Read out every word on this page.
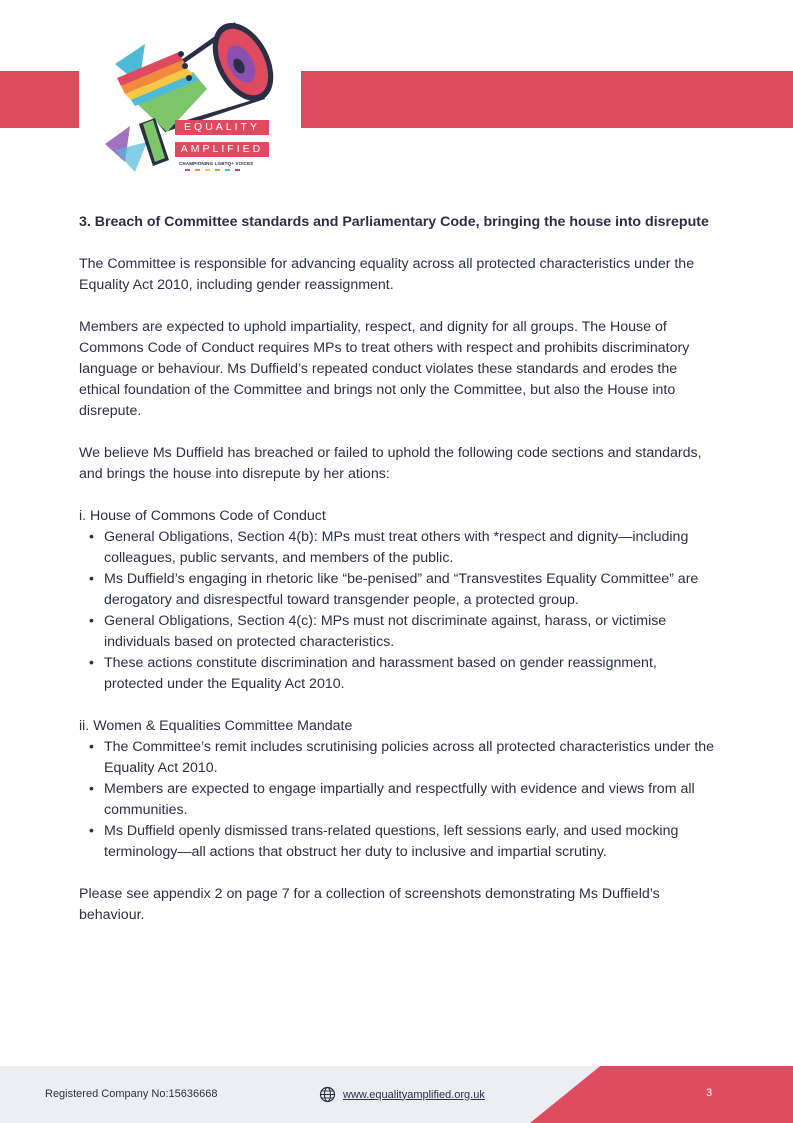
EQUALITY
AMPLIFIED
CHAMPIONING LGBTQ+ VOICES
3. Breach of Committee standards and Parliamentary Code, bringing the house into disrepute

The Committee is responsible for advancing equality across all protected characteristics under the Equality Act 2010, including gender reassignment.

Members are expected to uphold impartiality, respect, and dignity for all groups. The House of Commons Code of Conduct requires MPs to treat others with respect and prohibits discriminatory language or behaviour. Ms Duffield’s repeated conduct violates these standards and erodes the ethical foundation of the Committee and brings not only the Committee, but also the House into disrepute.

We believe Ms Duffield has breached or failed to uphold the following code sections and standards, and brings the house into disrepute by her ations:

i. House of Commons Code of Conduct

• General Obligations, Section 4(b): MPs must treat others with *respect and dignity—including colleagues, public servants, and members of the public.
• Ms Duffield’s engaging in rhetoric like “be-penised” and “Transvestites Equality Committee” are derogatory and disrespectful toward transgender people, a protected group.
• General Obligations, Section 4(c): MPs must not discriminate against, harass, or victimise individuals based on protected characteristics.
• These actions constitute discrimination and harassment based on gender reassignment, protected under the Equality Act 2010.

ii. Women & Equalities Committee Mandate

• The Committee’s remit includes scrutinising policies across all protected characteristics under the Equality Act 2010.
• Members are expected to engage impartially and respectfully with evidence and views from all communities.
• Ms Duffield openly dismissed trans-related questions, left sessions early, and used mocking terminology—all actions that obstruct her duty to inclusive and impartial scrutiny.

Please see appendix 2 on page 7 for a collection of screenshots demonstrating Ms Duffield’s behaviour.

Registered Company No:15636668	www.equalityamplified.org.uk	3
